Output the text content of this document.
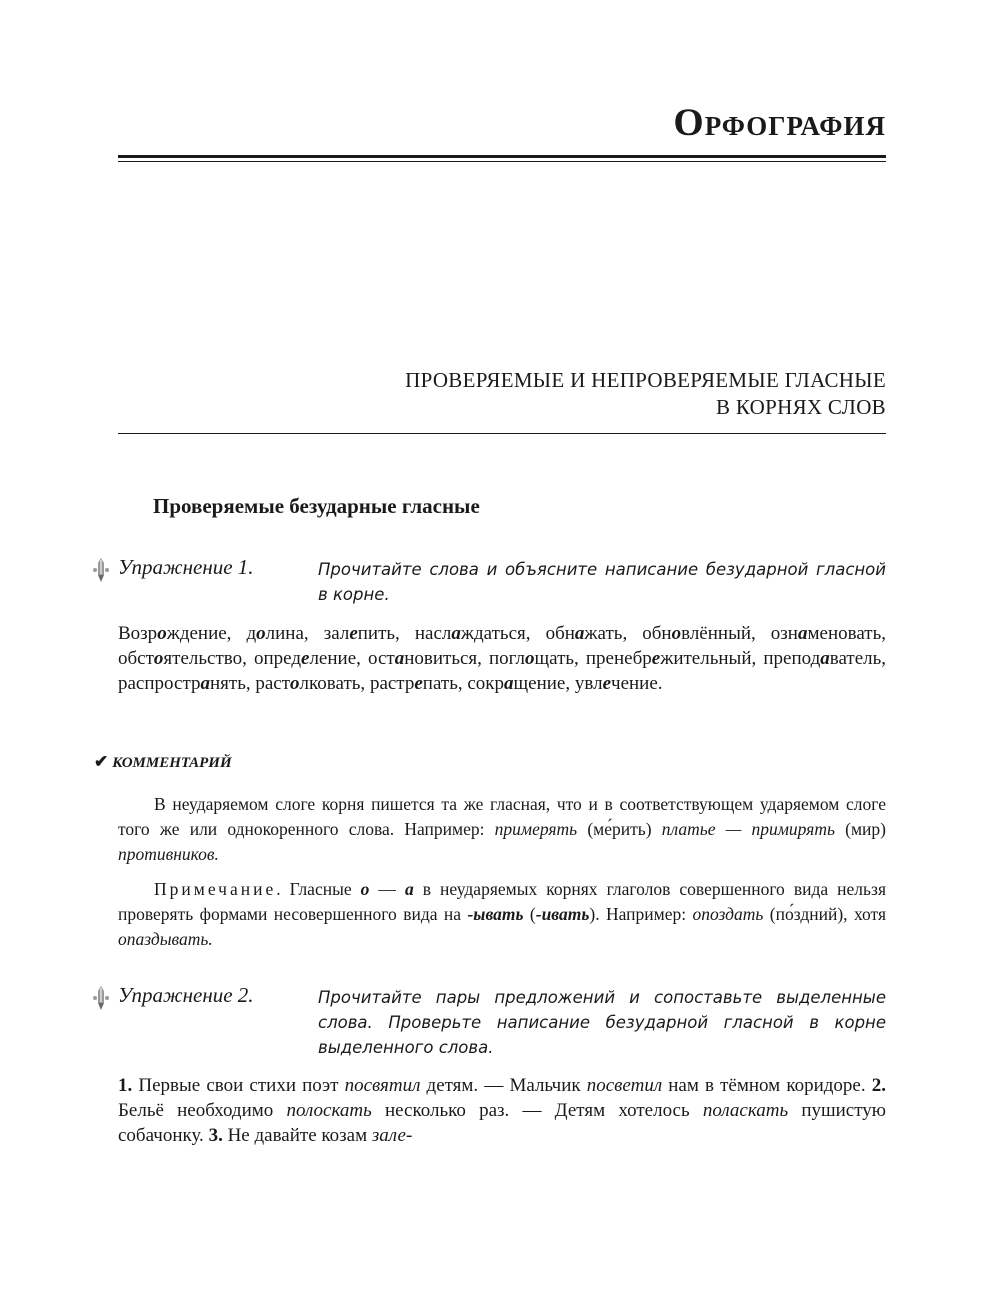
Орфография
ПРОВЕРЯЕМЫЕ И НЕПРОВЕРЯЕМЫЕ ГЛАСНЫЕ
В КОРНЯХ СЛОВ
Проверяемые безударные гласные
Упражнение 1.	Прочитайте слова и объясните написание безударной гласной в корне.
Возрождение, долина, залепить, наслаждаться, обнажать, обновлённый, ознаменовать, обстоятельство, определение, остановиться, поглощать, пренебрежительный, преподаватель, распространять, растолковать, растрепать, сокращение, увлечение.
✔ КОММЕНТАРИЙ
В неударяемом слоге корня пишется та же гласная, что и в соответствующем ударяемом слоге того же или однокоренного слова. Например: примерять (ме́рить) платье — примирять (мир) противников.
Примечание. Гласные о — а в неударяемых корнях глаголов совершенного вида нельзя проверять формами несовершенного вида на -ывать (-ивать). Например: опоздать (по́здний), хотя опаздывать.
Упражнение 2.	Прочитайте пары предложений и сопоставьте выделенные слова. Проверьте написание безударной гласной в корне выделенного слова.
1. Первые свои стихи поэт посвятил детям. — Мальчик посветил нам в тёмном коридоре. 2. Бельё необходимо полоскать несколько раз. — Детям хотелось поласкать пушистую собачонку. 3. Не давайте козам зале-
